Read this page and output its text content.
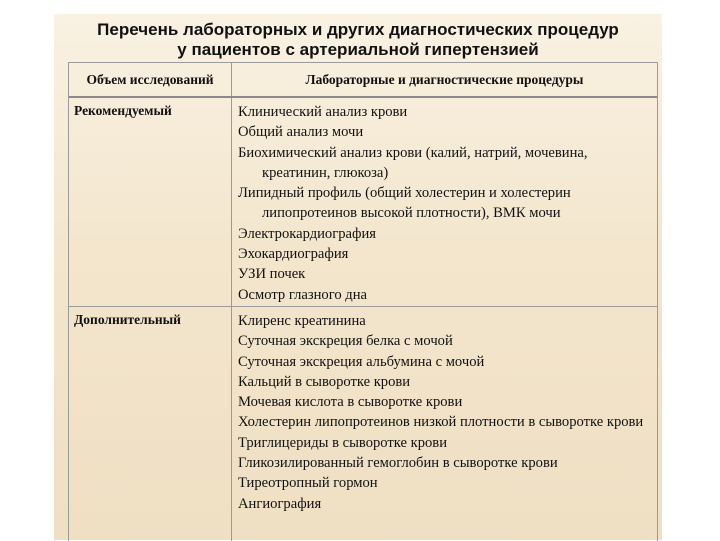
Перечень лабораторных и других диагностических процедур
у пациентов с артериальной гипертензией
Объем исследований	Лабораторные и диагностические процедуры
Рекомендуемый	Клинический анализ крови
Общий анализ мочи
Биохимический анализ крови (калий, натрий, мочевина, креатинин, глюкоза)
Липидный профиль (общий холестерин и холестерин липопротеинов высокой плотности), ВМК мочи
Электрокардиография
Эхокардиография
УЗИ почек
Осмотр глазного дна
Дополнительный	Клиренс креатинина
Суточная экскреция белка с мочой
Суточная экскреция альбумина с мочой
Кальций в сыворотке крови
Мочевая кислота в сыворотке крови
Холестерин липопротеинов низкой плотности в сыворотке крови
Триглицериды в сыворотке крови
Гликозилированный гемоглобин в сыворотке крови
Тиреотропный гормон
Ангиография
